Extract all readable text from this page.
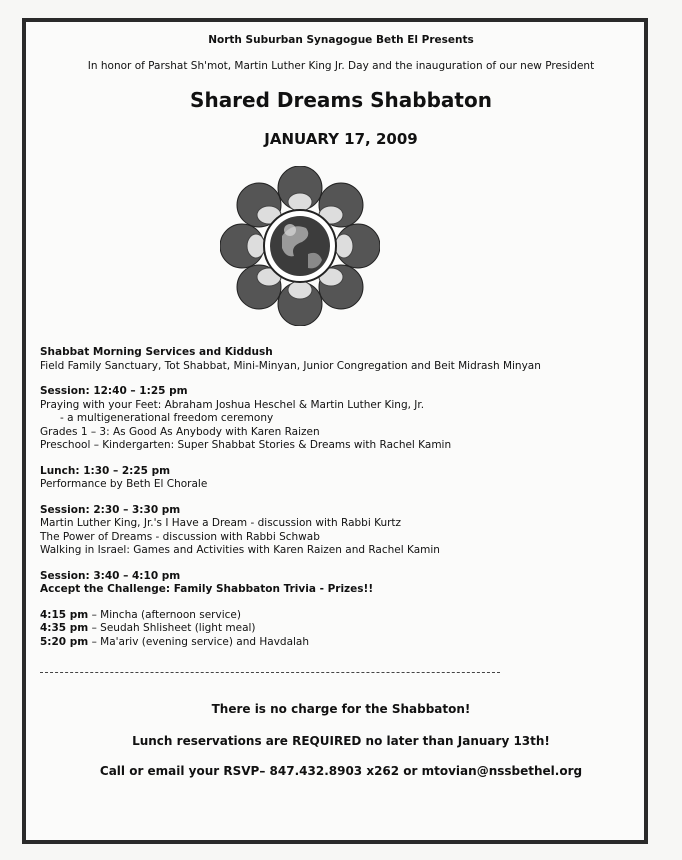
North Suburban Synagogue Beth El Presents
In honor of Parshat Sh'mot, Martin Luther King Jr. Day and the inauguration of our new President
Shared Dreams Shabbaton
JANUARY 17, 2009

Shabbat Morning Services and Kiddush

Field Family Sanctuary, Tot Shabbat, Mini-Minyan, Junior Congregation and Beit Midrash Minyan

Session: 12:40 – 1:25 pm

Praying with your Feet: Abraham Joshua Heschel & Martin Luther King, Jr.

- a multigenerational freedom ceremony

Grades 1 – 3: As Good As Anybody with Karen Raizen

Preschool – Kindergarten: Super Shabbat Stories & Dreams with Rachel Kamin

Lunch: 1:30 – 2:25 pm

Performance by Beth El Chorale

Session: 2:30 – 3:30 pm

Martin Luther King, Jr.'s I Have a Dream - discussion with Rabbi Kurtz

The Power of Dreams - discussion with Rabbi Schwab

Walking in Israel: Games and Activities with Karen Raizen and Rachel Kamin

Session: 3:40 – 4:10 pm

Accept the Challenge: Family Shabbaton Trivia - Prizes!!

4:15 pm – Mincha (afternoon service)

4:35 pm – Seudah Shlisheet (light meal)

5:20 pm – Ma'ariv (evening service) and Havdalah

There is no charge for the Shabbaton!
Lunch reservations are REQUIRED no later than January 13th!
Call or email your RSVP– 847.432.8903 x262 or mtovian@nssbethel.org
